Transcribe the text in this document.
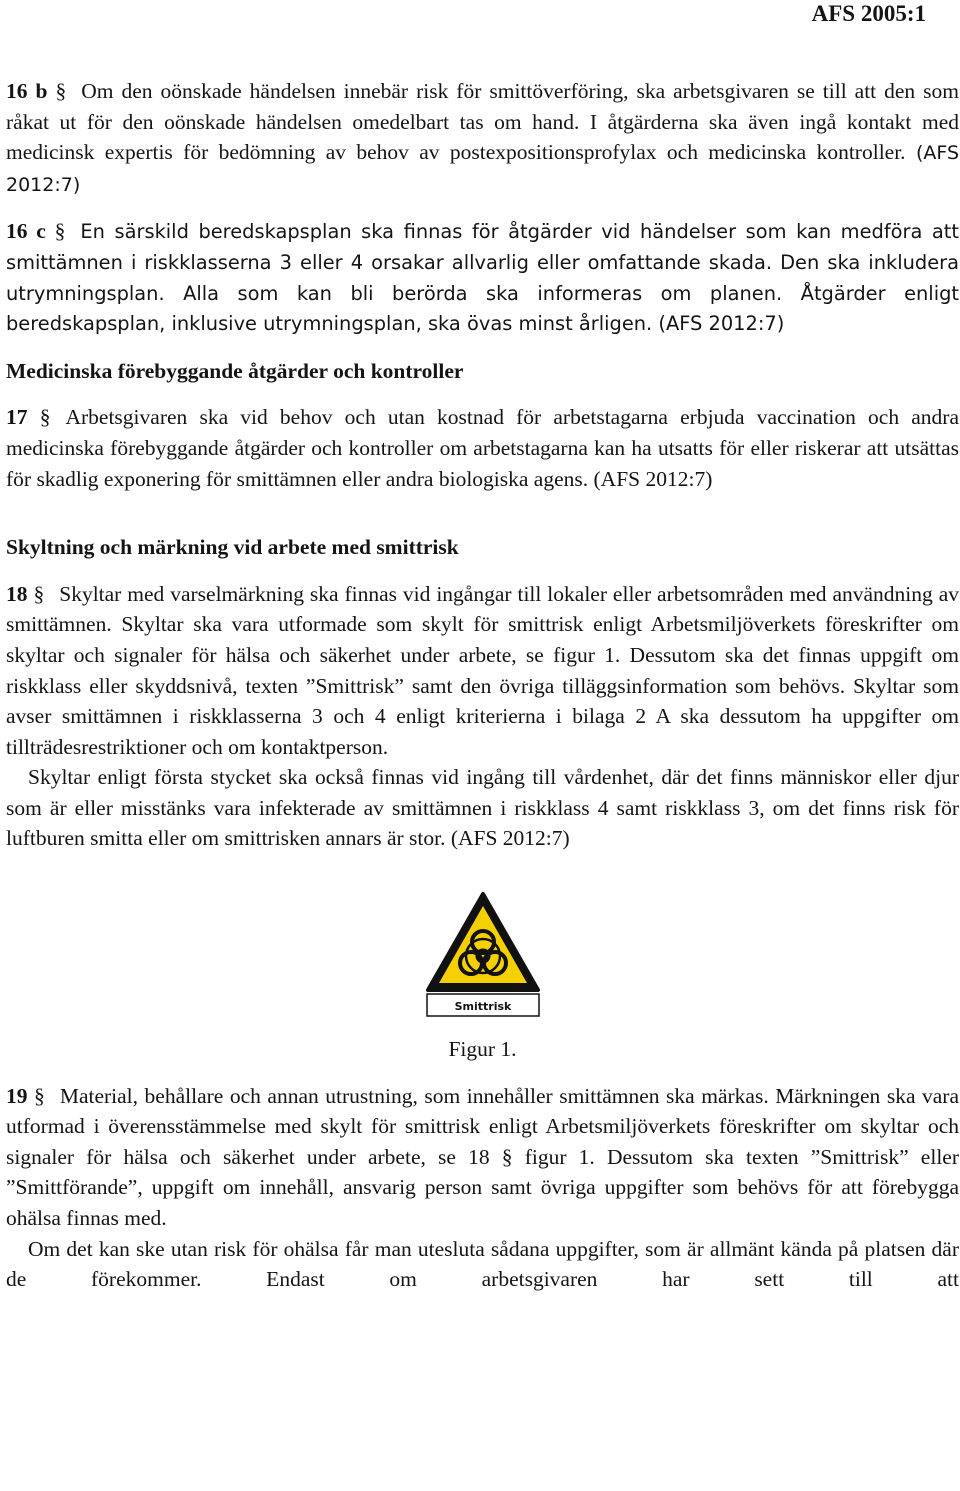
AFS 2005:1

16 b § Om den oönskade händelsen innebär risk för smittöverföring, ska arbetsgivaren se till att den som råkat ut för den oönskade händelsen omedelbart tas om hand. I åtgärderna ska även ingå kontakt med medicinsk expertis för bedömning av behov av postexpositionsprofylax och medicinska kontroller. (AFS 2012:7)

16 c § En särskild beredskapsplan ska finnas för åtgärder vid händelser som kan medföra att smittämnen i riskklasserna 3 eller 4 orsakar allvarlig eller omfattande skada. Den ska inkludera utrymningsplan. Alla som kan bli berörda ska informeras om planen. Åtgärder enligt beredskapsplan, inklusive utrymningsplan, ska övas minst årligen. (AFS 2012:7)

Medicinska förebyggande åtgärder och kontroller

17 § Arbetsgivaren ska vid behov och utan kostnad för arbetstagarna erbjuda vaccination och andra medicinska förebyggande åtgärder och kontroller om arbetstagarna kan ha utsatts för eller riskerar att utsättas för skadlig exponering för smittämnen eller andra biologiska agens. (AFS 2012:7)

Skyltning och märkning vid arbete med smittrisk

18 § Skyltar med varselmärkning ska finnas vid ingångar till lokaler eller arbetsområden med användning av smittämnen. Skyltar ska vara utformade som skylt för smittrisk enligt Arbetsmiljöverkets föreskrifter om skyltar och signaler för hälsa och säkerhet under arbete, se figur 1. Dessutom ska det finnas uppgift om riskklass eller skyddsnivå, texten ”Smittrisk” samt den övriga tilläggsinformation som behövs. Skyltar som avser smittämnen i riskklasserna 3 och 4 enligt kriterierna i bilaga 2 A ska dessutom ha uppgifter om tillträdesrestriktioner och om kontaktperson.

Skyltar enligt första stycket ska också finnas vid ingång till vårdenhet, där det finns människor eller djur som är eller misstänks vara infekterade av smittämnen i riskklass 4 samt riskklass 3, om det finns risk för luftburen smitta eller om smittrisken annars är stor. (AFS 2012:7)

Smittrisk
Figur 1.

19 § Material, behållare och annan utrustning, som innehåller smittämnen ska märkas. Märkningen ska vara utformad i överensstämmelse med skylt för smittrisk enligt Arbetsmiljöverkets föreskrifter om skyltar och signaler för hälsa och säkerhet under arbete, se 18 § figur 1. Dessutom ska texten ”Smittrisk” eller ”Smittförande”, uppgift om innehåll, ansvarig person samt övriga uppgifter som behövs för att förebygga ohälsa finnas med.

Om det kan ske utan risk för ohälsa får man utesluta sådana uppgifter, som är allmänt kända på platsen där de förekommer. Endast om arbetsgivaren har sett till att
